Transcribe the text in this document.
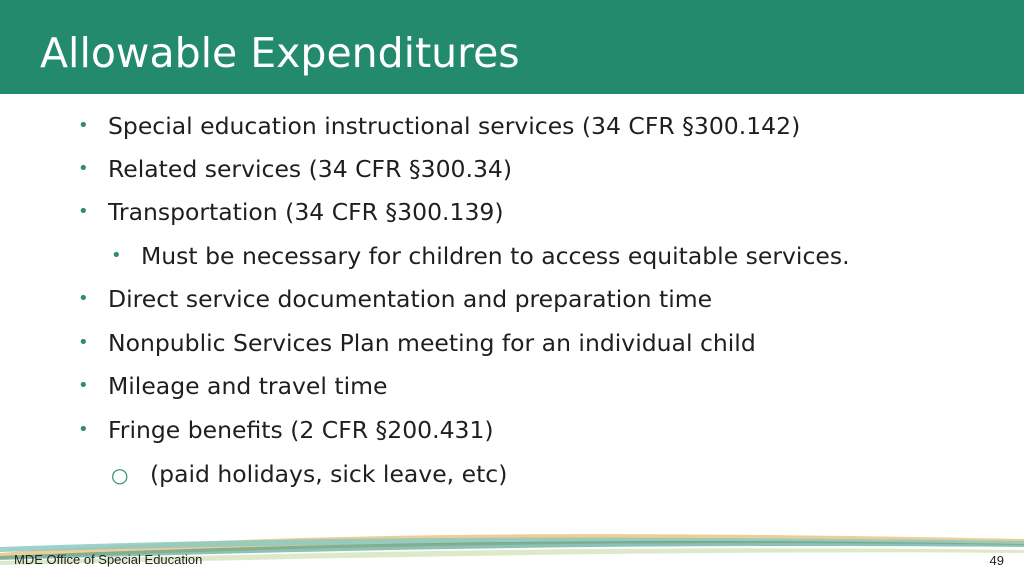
Allowable Expenditures
• Special education instructional services (34 CFR §300.142)
• Related services (34 CFR §300.34)
• Transportation (34 CFR §300.139)
• Must be necessary for children to access equitable services.
• Direct service documentation and preparation time
• Nonpublic Services Plan meeting for an individual child
• Mileage and travel time
• Fringe benefits (2 CFR §200.431)
○ (paid holidays, sick leave, etc)
MDE Office of Special Education	49
